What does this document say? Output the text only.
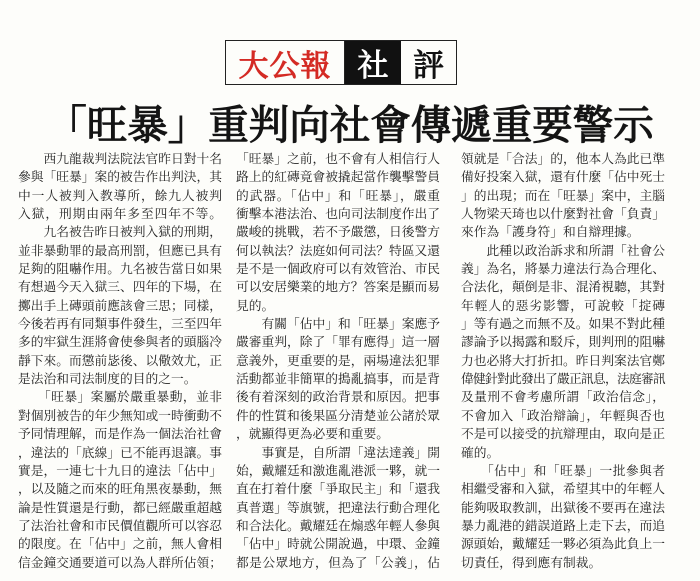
大公報 社 評
「旺暴」重判向社會傳遞重要警示
　　西九龍裁判法院法官昨日對十名
參與「旺暴」案的被告作出判決，其
中一人被判入教導所，餘九人被判
入獄，刑期由兩年多至四年不等。
　　九名被告昨日被判入獄的刑期，
並非暴動罪的最高刑罰，但應已具有
足夠的阻嚇作用。九名被告當日如果
有想過今天入獄三、四年的下場，在
擲出手上磚頭前應該會三思；同樣，
今後若再有同類事件發生，三至四年
多的牢獄生涯將會使參與者的頭腦冷
靜下來。而懲前毖後、以儆效尤，正
是法治和司法制度的目的之一。
　　「旺暴」案屬於嚴重暴動，並非
對個別被告的年少無知或一時衝動不
予同情理解，而是作為一個法治社會
，違法的「底線」已不能再退讓。事
實是，一連七十九日的違法「佔中」
，以及隨之而來的旺角黑夜暴動，無
論是性質還是行動，都已經嚴重超越
了法治社會和市民價值觀所可以容忍
的限度。在「佔中」之前，無人會相
信金鐘交通要道可以為人群所佔領；
「旺暴」之前，也不會有人相信行人
路上的紅磚竟會被撬起當作襲擊警員
的武器。「佔中」和「旺暴」，嚴重
衝擊本港法治、也向司法制度作出了
嚴峻的挑戰，若不予嚴懲，日後警方
何以執法？法庭如何司法？特區又還
是不是一個政府可以有效管治、市民
可以安居樂業的地方？答案是顯而易
見的。
　　有關「佔中」和「旺暴」案應予
嚴審重判，除了「罪有應得」這一層
意義外，更重要的是，兩場違法犯罪
活動都並非簡單的搗亂搞事，而是背
後有着深刻的政治背景和原因。把事
件的性質和後果區分清楚並公諸於眾
，就顯得更為必要和重要。
　　事實是，自所謂「違法達義」開
始，戴耀廷和激進亂港派一夥，就一
直在打着什麼「爭取民主」和「還我
真普選」等旗號，把違法行動合理化
和合法化。戴耀廷在煽惑年輕人參與
「佔中」時就公開說過，中環、金鐘
都是公眾地方，但為了「公義」，佔
領就是「合法」的，他本人為此已準
備好投案入獄，還有什麼「佔中死士
」的出現；而在「旺暴」案中，主腦
人物梁天琦也以什麼對社會「負責」
來作為「護身符」和自辯理據。
　　此種以政治訴求和所謂「社會公
義」為名，將暴力違法行為合理化、
合法化，顛倒是非、混淆視聽，其對
年輕人的惡劣影響，可說較「掟磚
」等有過之而無不及。如果不對此種
謬論予以揭露和駁斥，則判刑的阻嚇
力也必將大打折扣。昨日判案法官鄭
偉健針對此發出了嚴正訊息，法庭審訊
及量刑不會考慮所謂「政治信念」，
不會加入「政治辯論」，年輕與否也
不是可以接受的抗辯理由，取向是正
確的。
　　「佔中」和「旺暴」一批參與者
相繼受審和入獄，希望其中的年輕人
能夠吸取教訓，出獄後不要再在違法
暴力亂港的錯誤道路上走下去，而追
源頭始，戴耀廷一夥必須為此負上一
切責任，得到應有制裁。
